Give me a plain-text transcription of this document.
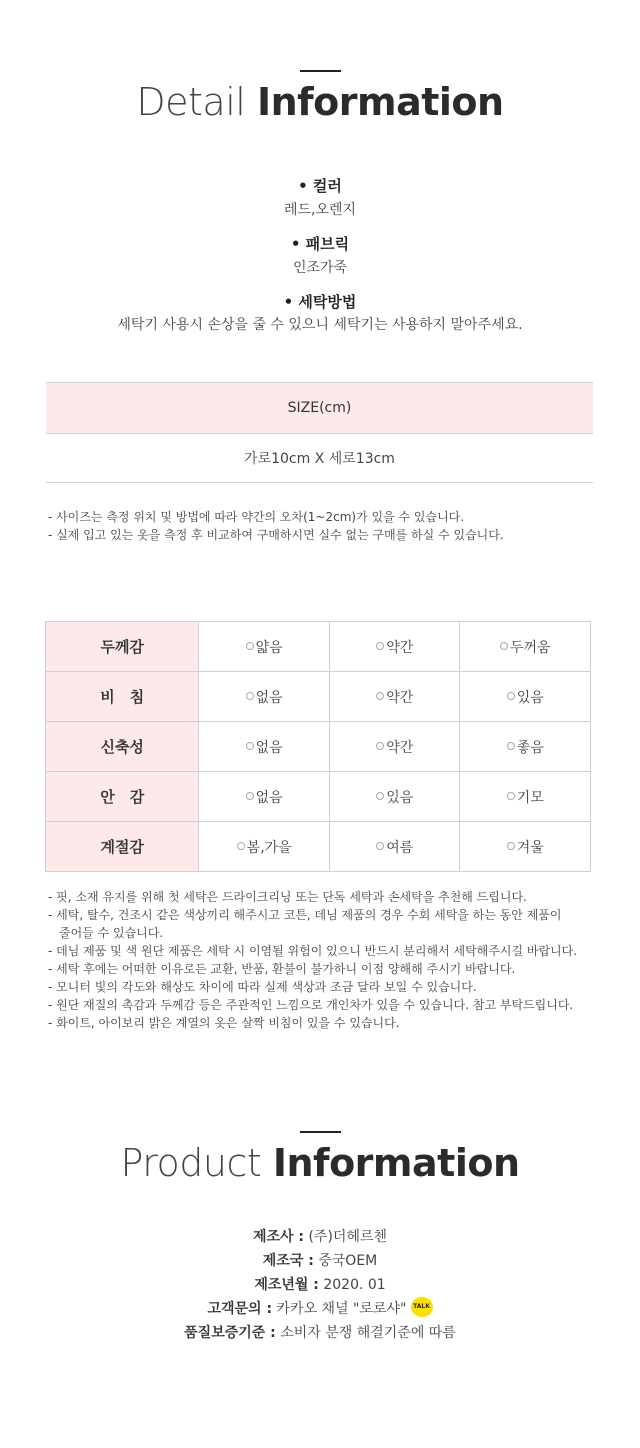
Detail Information
• 컬러
레드,오렌지
• 패브릭
인조가죽
• 세탁방법
세탁기 사용시 손상을 줄 수 있으니 세탁기는 사용하지 말아주세요.
SIZE(cm)
가로10cm X 세로13cm
- 사이즈는 측정 위치 및 방법에 따라 약간의 오차(1~2cm)가 있을 수 있습니다.
- 실제 입고 있는 옷을 측정 후 비교하여 구매하시면 실수 없는 구매를 하실 수 있습니다.
두께감	얇음	약간	두꺼움
비　침	없음	약간	있음
신축성	없음	약간	좋음
안　감	없음	있음	기모
계절감	봄,가을	여름	겨울
- 핏, 소재 유지를 위해 첫 세탁은 드라이크리닝 또는 단독 세탁과 손세탁을 추천해 드립니다.
- 세탁, 탈수, 건조시 같은 색상끼리 해주시고 코튼, 데님 제품의 경우 수회 세탁을 하는 동안 제품이
줄어들 수 있습니다.
- 데님 제품 및 색 원단 제품은 세탁 시 이염될 위험이 있으니 반드시 분리해서 세탁해주시길 바랍니다.
- 세탁 후에는 어떠한 이유로든 교환, 반품, 환불이 불가하니 이점 양해해 주시기 바랍니다.
- 모니터 빛의 각도와 해상도 차이에 따라 실제 색상과 조금 달라 보일 수 있습니다.
- 원단 재질의 촉감과 두께감 등은 주관적인 느낌으로 개인차가 있을 수 있습니다. 참고 부탁드립니다.
- 화이트, 아이보리 밝은 계열의 옷은 살짝 비침이 있을 수 있습니다.
Product Information
제조사 : (주)더헤르첸
제조국 : 중국OEM
제조년월 : 2020. 01
고객문의 : 카카오 채널 "로로샤" TALK
품질보증기준 : 소비자 분쟁 해결기준에 따름
